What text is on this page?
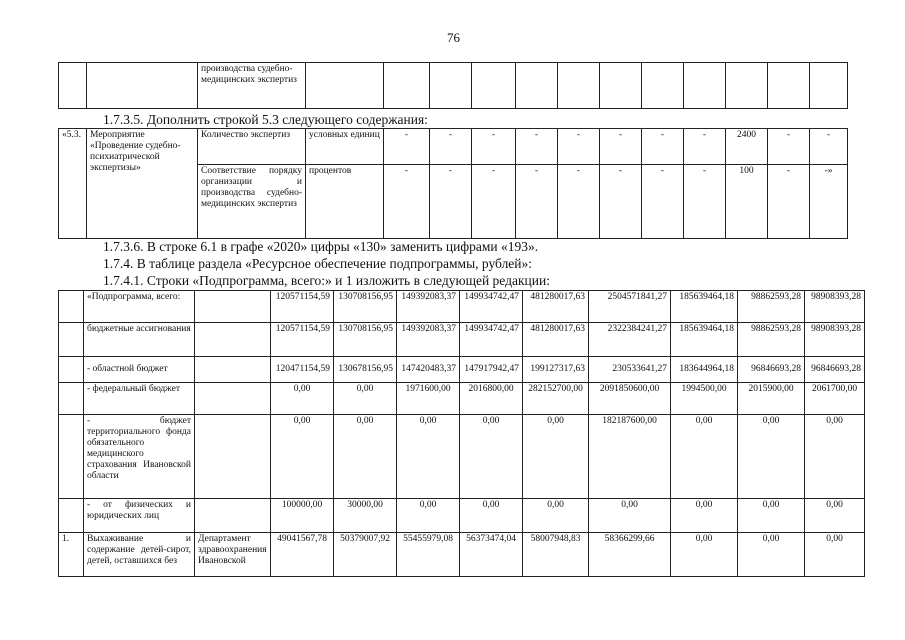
76
		производства судебно-медицинских экспертиз												
1.7.3.5. Дополнить строкой 5.3 следующего содержания:
«5.3.	Мероприятие «Проведение судебно-психиатрической экспертизы»	Количество экспертиз	условных единиц	-	-	-	-	-	-	-	-	2400	-	-
		Соответствие порядку организации и производства судебно-медицинских экспертиз	процентов	-	-	-	-	-	-	-	-	100	-	-»
1.7.3.6. В строке 6.1 в графе «2020» цифры «130» заменить цифрами «193».
1.7.4. В таблице раздела «Ресурсное обеспечение подпрограммы, рублей»:
1.7.4.1. Строки «Подпрограмма, всего:» и 1 изложить в следующей редакции:
	«Подпрограмма, всего:		120571154,59	130708156,95	149392083,37	149934742,47	481280017,63	2504571841,27	185639464,18	98862593,28	98908393,28
	бюджетные ассигнования		120571154,59	130708156,95	149392083,37	149934742,47	481280017,63	2322384241,27	185639464,18	98862593,28	98908393,28
	- областной бюджет		120471154,59	130678156,95	147420483,37	147917942,47	199127317,63	230533641,27	183644964,18	96846693,28	96846693,28
	- федеральный бюджет		0,00	0,00	1971600,00	2016800,00	282152700,00	2091850600,00	1994500,00	2015900,00	2061700,00
	- бюджет территориального фонда обязательного медицинского страхования Ивановской области		0,00	0,00	0,00	0,00	0,00	182187600,00	0,00	0,00	0,00
	- от физических и юридических лиц		100000,00	30000,00	0,00	0,00	0,00	0,00	0,00	0,00	0,00
1.	Выхаживание и содержание детей-сирот, детей, оставшихся без	Департамент здравоохранения Ивановской	49041567,78	50379007,92	55455979,08	56373474,04	58007948,83	58366299,66	0,00	0,00	0,00
